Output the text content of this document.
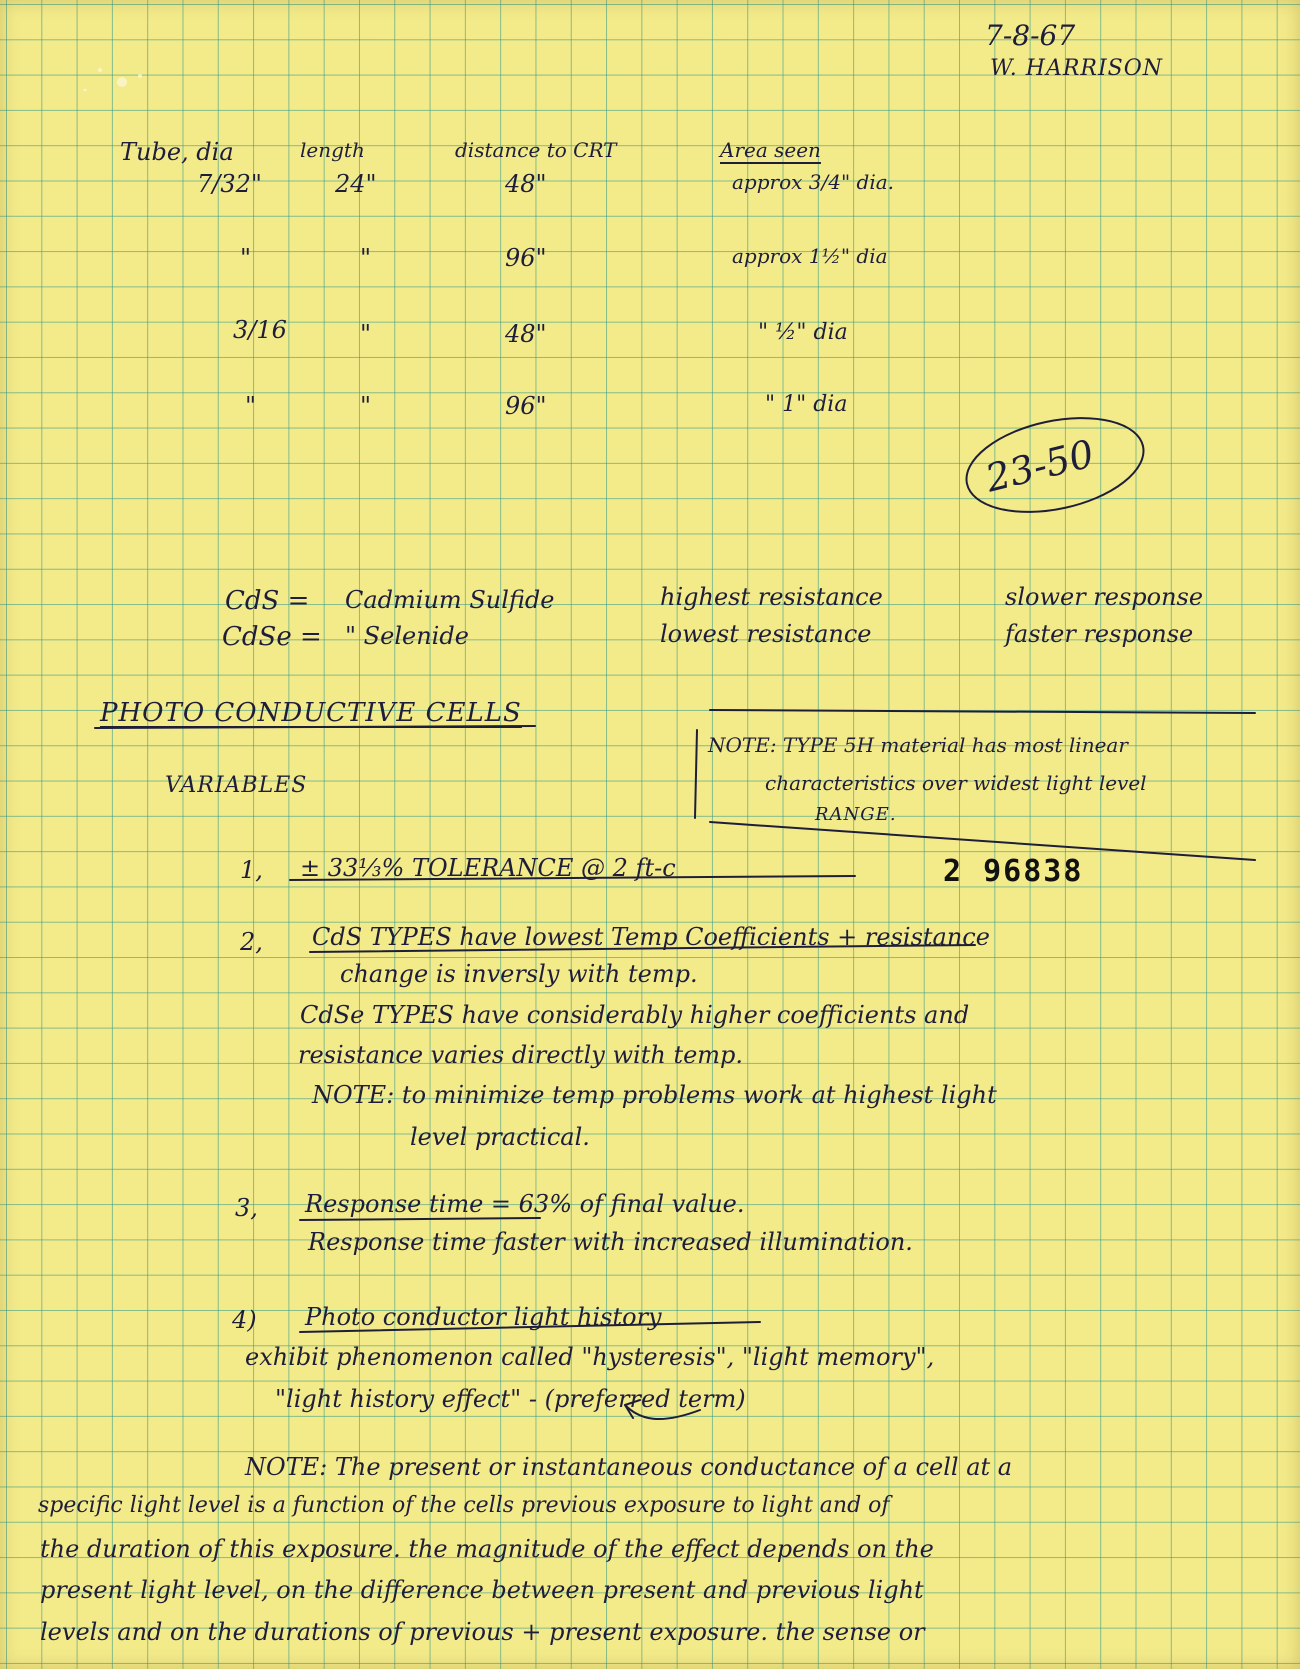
7-8-67

W. HARRISON

Tube, dia	length	distance to CRT	Area seen

7/32"	24"	48"	approx 3/4" dia.

"	"	96"	approx 1½" dia

3/16	"	48"	" ½" dia

"	"	96"	" 1" dia

23-50

CdS = Cadmium Sulfide	highest resistance	slower response

CdSe = " Selenide	lowest resistance	faster response

PHOTO CONDUCTIVE CELLS

VARIABLES

NOTE: TYPE 5H material has most linear

characteristics over widest light level

RANGE.

2 96838

1, ± 33⅓% TOLERANCE @ 2 ft-c

2, CdS TYPES have lowest Temp Coefficients + resistance

change is inversly with temp.

CdSe TYPES have considerably higher coefficients and

resistance varies directly with temp.

NOTE: to minimize temp problems work at highest light

level practical.

3, Response time = 63% of final value.

Response time faster with increased illumination.

4) Photo conductor light history

exhibit phenomenon called "hysteresis", "light memory",

"light history effect" - (preferred term)

NOTE: The present or instantaneous conductance of a cell at a

specific light level is a function of the cells previous exposure to light and of

the duration of this exposure. the magnitude of the effect depends on the

present light level, on the difference between present and previous light

levels and on the durations of previous + present exposure. the sense or
